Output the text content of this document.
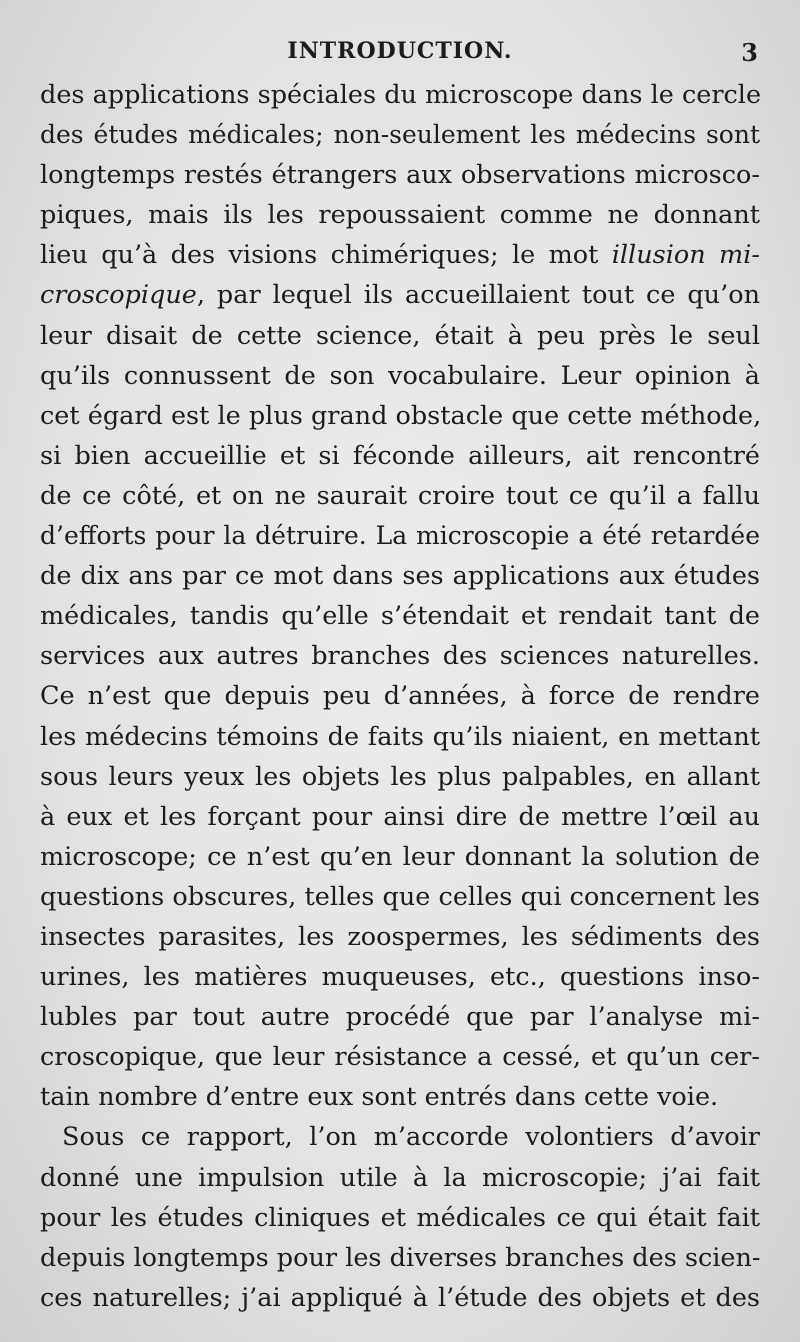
INTRODUCTION.	3
des applications spéciales du microscope dans le cercle
des études médicales; non-seulement les médecins sont
longtemps restés étrangers aux observations microsco-
piques, mais ils les repoussaient comme ne donnant
lieu qu’à des visions chimériques; le mot illusion mi-
croscopique, par lequel ils accueillaient tout ce qu’on
leur disait de cette science, était à peu près le seul
qu’ils connussent de son vocabulaire. Leur opinion à
cet égard est le plus grand obstacle que cette méthode,
si bien accueillie et si féconde ailleurs, ait rencontré
de ce côté, et on ne saurait croire tout ce qu’il a fallu
d’efforts pour la détruire. La microscopie a été retardée
de dix ans par ce mot dans ses applications aux études
médicales, tandis qu’elle s’étendait et rendait tant de
services aux autres branches des sciences naturelles.
Ce n’est que depuis peu d’années, à force de rendre
les médecins témoins de faits qu’ils niaient, en mettant
sous leurs yeux les objets les plus palpables, en allant
à eux et les forçant pour ainsi dire de mettre l’œil au
microscope; ce n’est qu’en leur donnant la solution de
questions obscures, telles que celles qui concernent les
insectes parasites, les zoospermes, les sédiments des
urines, les matières muqueuses, etc., questions inso-
lubles par tout autre procédé que par l’analyse mi-
croscopique, que leur résistance a cessé, et qu’un cer-
tain nombre d’entre eux sont entrés dans cette voie.
Sous ce rapport, l’on m’accorde volontiers d’avoir
donné une impulsion utile à la microscopie; j’ai fait
pour les études cliniques et médicales ce qui était fait
depuis longtemps pour les diverses branches des scien-
ces naturelles; j’ai appliqué à l’étude des objets et des
